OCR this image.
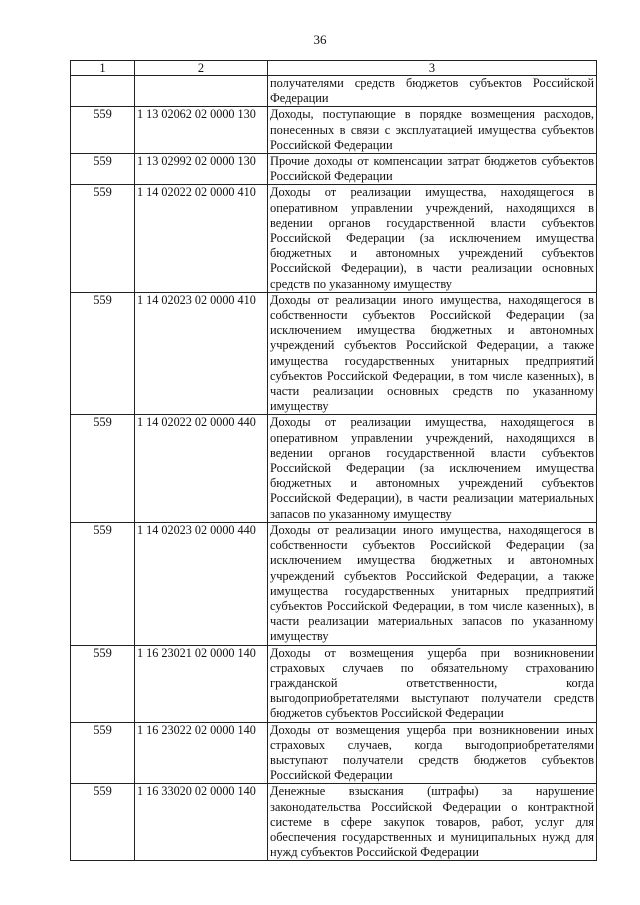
36
1	2	3
		получателями средств бюджетов субъектов Российской Федерации
559	1 13 02062 02 0000 130	Доходы, поступающие в порядке возмещения расходов, понесенных в связи с эксплуатацией имущества субъектов Российской Федерации
559	1 13 02992 02 0000 130	Прочие доходы от компенсации затрат бюджетов субъектов Российской Федерации
559	1 14 02022 02 0000 410	Доходы от реализации имущества, находящегося в оперативном управлении учреждений, находящихся в ведении органов государственной власти субъектов Российской Федерации (за исключением имущества бюджетных и автономных учреждений субъектов Российской Федерации), в части реализации основных средств по указанному имуществу
559	1 14 02023 02 0000 410	Доходы от реализации иного имущества, находящегося в собственности субъектов Российской Федерации (за исключением имущества бюджетных и автономных учреждений субъектов Российской Федерации, а также имущества государственных унитарных предприятий субъектов Российской Федерации, в том числе казенных), в части реализации основных средств по указанному имуществу
559	1 14 02022 02 0000 440	Доходы от реализации имущества, находящегося в оперативном управлении учреждений, находящихся в ведении органов государственной власти субъектов Российской Федерации (за исключением имущества бюджетных и автономных учреждений субъектов Российской Федерации), в части реализации материальных запасов по указанному имуществу
559	1 14 02023 02 0000 440	Доходы от реализации иного имущества, находящегося в собственности субъектов Российской Федерации (за исключением имущества бюджетных и автономных учреждений субъектов Российской Федерации, а также имущества государственных унитарных предприятий субъектов Российской Федерации, в том числе казенных), в части реализации материальных запасов по указанному имуществу
559	1 16 23021 02 0000 140	Доходы от возмещения ущерба при возникновении страховых случаев по обязательному страхованию гражданской ответственности, когда выгодоприобретателями выступают получатели средств бюджетов субъектов Российской Федерации
559	1 16 23022 02 0000 140	Доходы от возмещения ущерба при возникновении иных страховых случаев, когда выгодоприобретателями выступают получатели средств бюджетов субъектов Российской Федерации
559	1 16 33020 02 0000 140	Денежные взыскания (штрафы) за нарушение законодательства Российской Федерации о контрактной системе в сфере закупок товаров, работ, услуг для обеспечения государственных и муниципальных нужд для нужд субъектов Российской Федерации
